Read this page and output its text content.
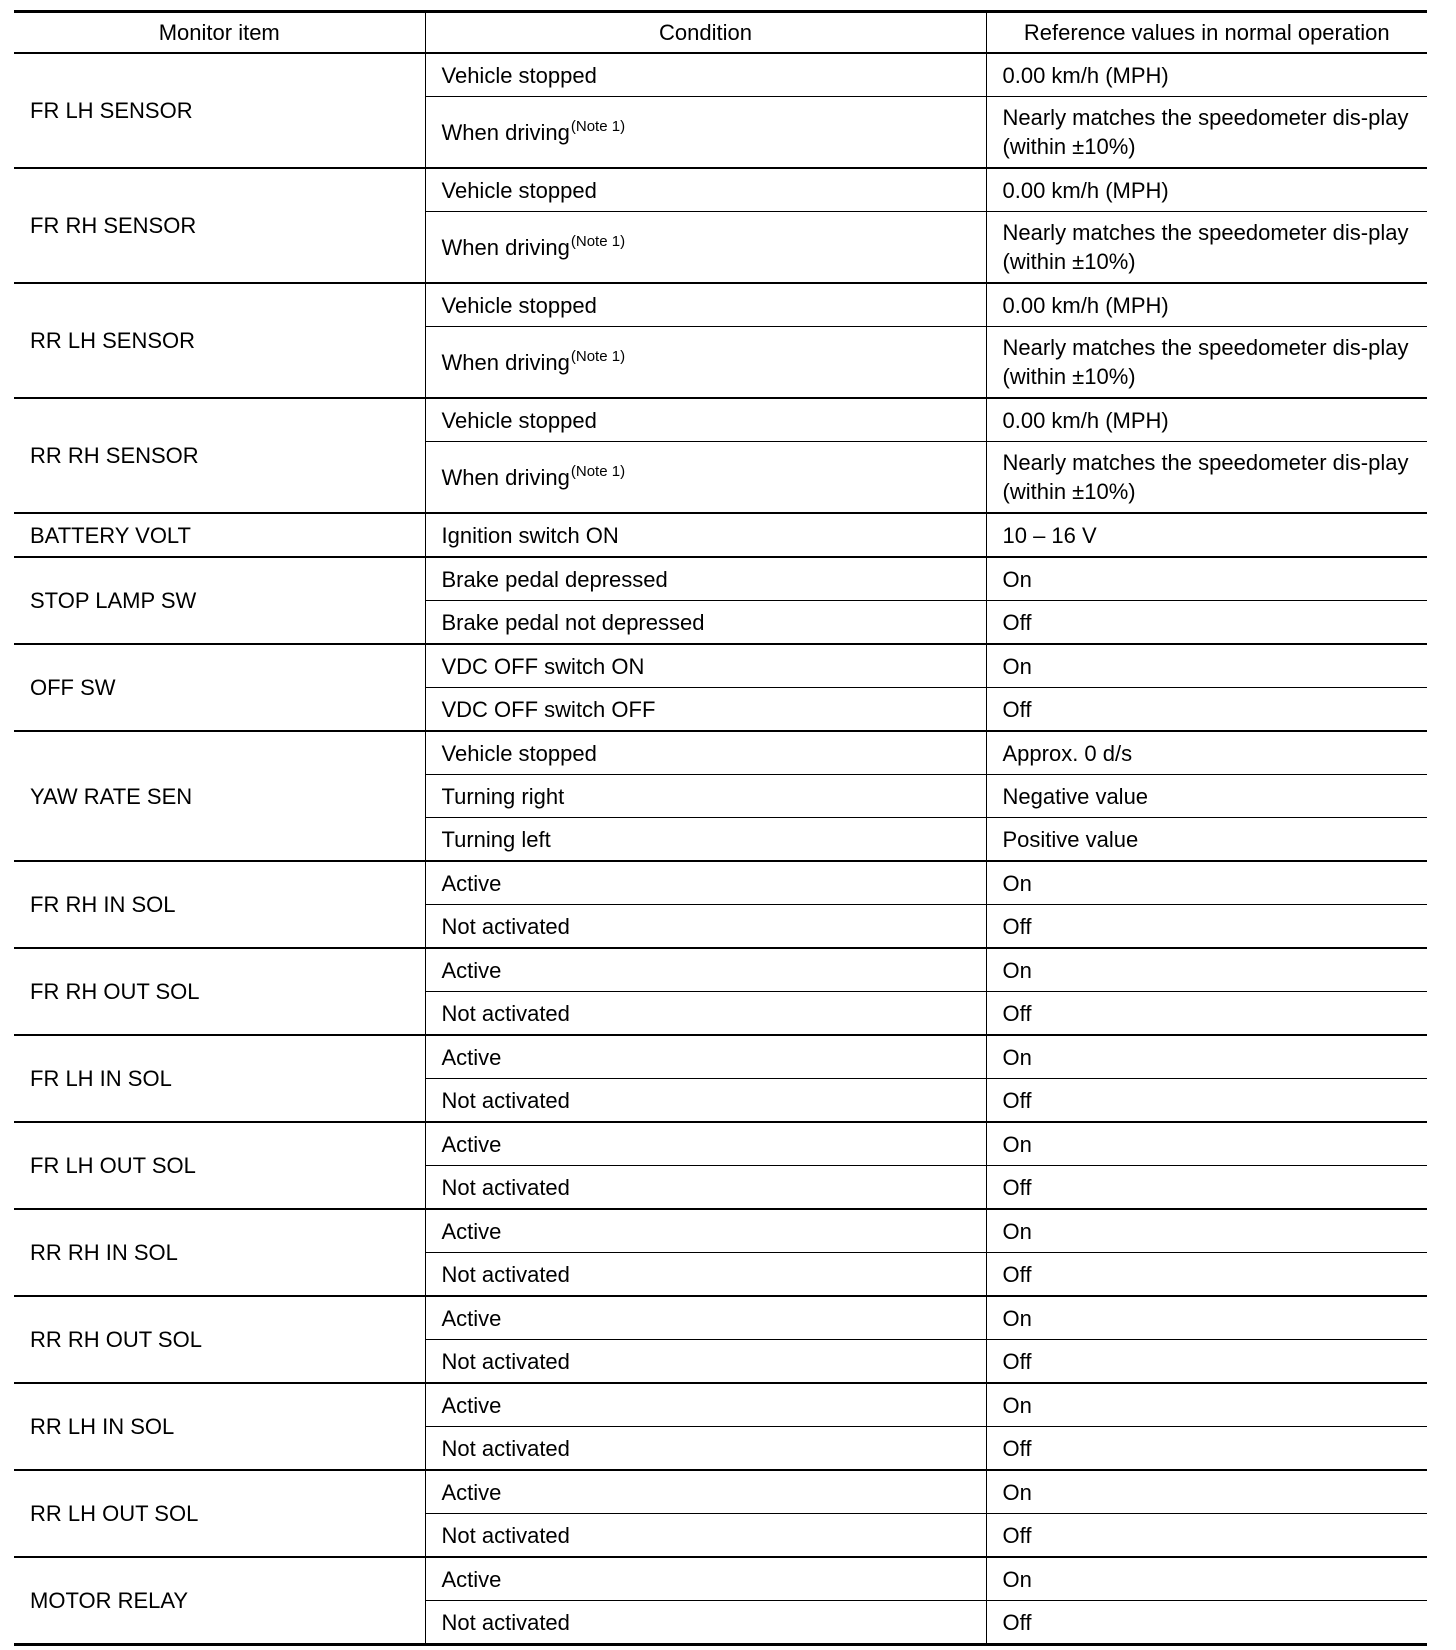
Monitor item	Condition	Reference values in normal operation
FR LH SENSOR	Vehicle stopped	0.00 km/h (MPH)
	When driving$^{(Note 1)}$	Nearly matches the speedometer dis-play (within ±10%)
FR RH SENSOR	Vehicle stopped	0.00 km/h (MPH)
	When driving$^{(Note 1)}$	Nearly matches the speedometer dis-play (within ±10%)
RR LH SENSOR	Vehicle stopped	0.00 km/h (MPH)
	When driving$^{(Note 1)}$	Nearly matches the speedometer dis-play (within ±10%)
RR RH SENSOR	Vehicle stopped	0.00 km/h (MPH)
	When driving$^{(Note 1)}$	Nearly matches the speedometer dis-play (within ±10%)
BATTERY VOLT	Ignition switch ON	10 – 16 V
STOP LAMP SW	Brake pedal depressed	On
	Brake pedal not depressed	Off
OFF SW	VDC OFF switch ON	On
	VDC OFF switch OFF	Off
YAW RATE SEN	Vehicle stopped	Approx. 0 d/s
	Turning right	Negative value
	Turning left	Positive value
FR RH IN SOL	Active	On
	Not activated	Off
FR RH OUT SOL	Active	On
	Not activated	Off
FR LH IN SOL	Active	On
	Not activated	Off
FR LH OUT SOL	Active	On
	Not activated	Off
RR RH IN SOL	Active	On
	Not activated	Off
RR RH OUT SOL	Active	On
	Not activated	Off
RR LH IN SOL	Active	On
	Not activated	Off
RR LH OUT SOL	Active	On
	Not activated	Off
MOTOR RELAY	Active	On
	Not activated	Off
